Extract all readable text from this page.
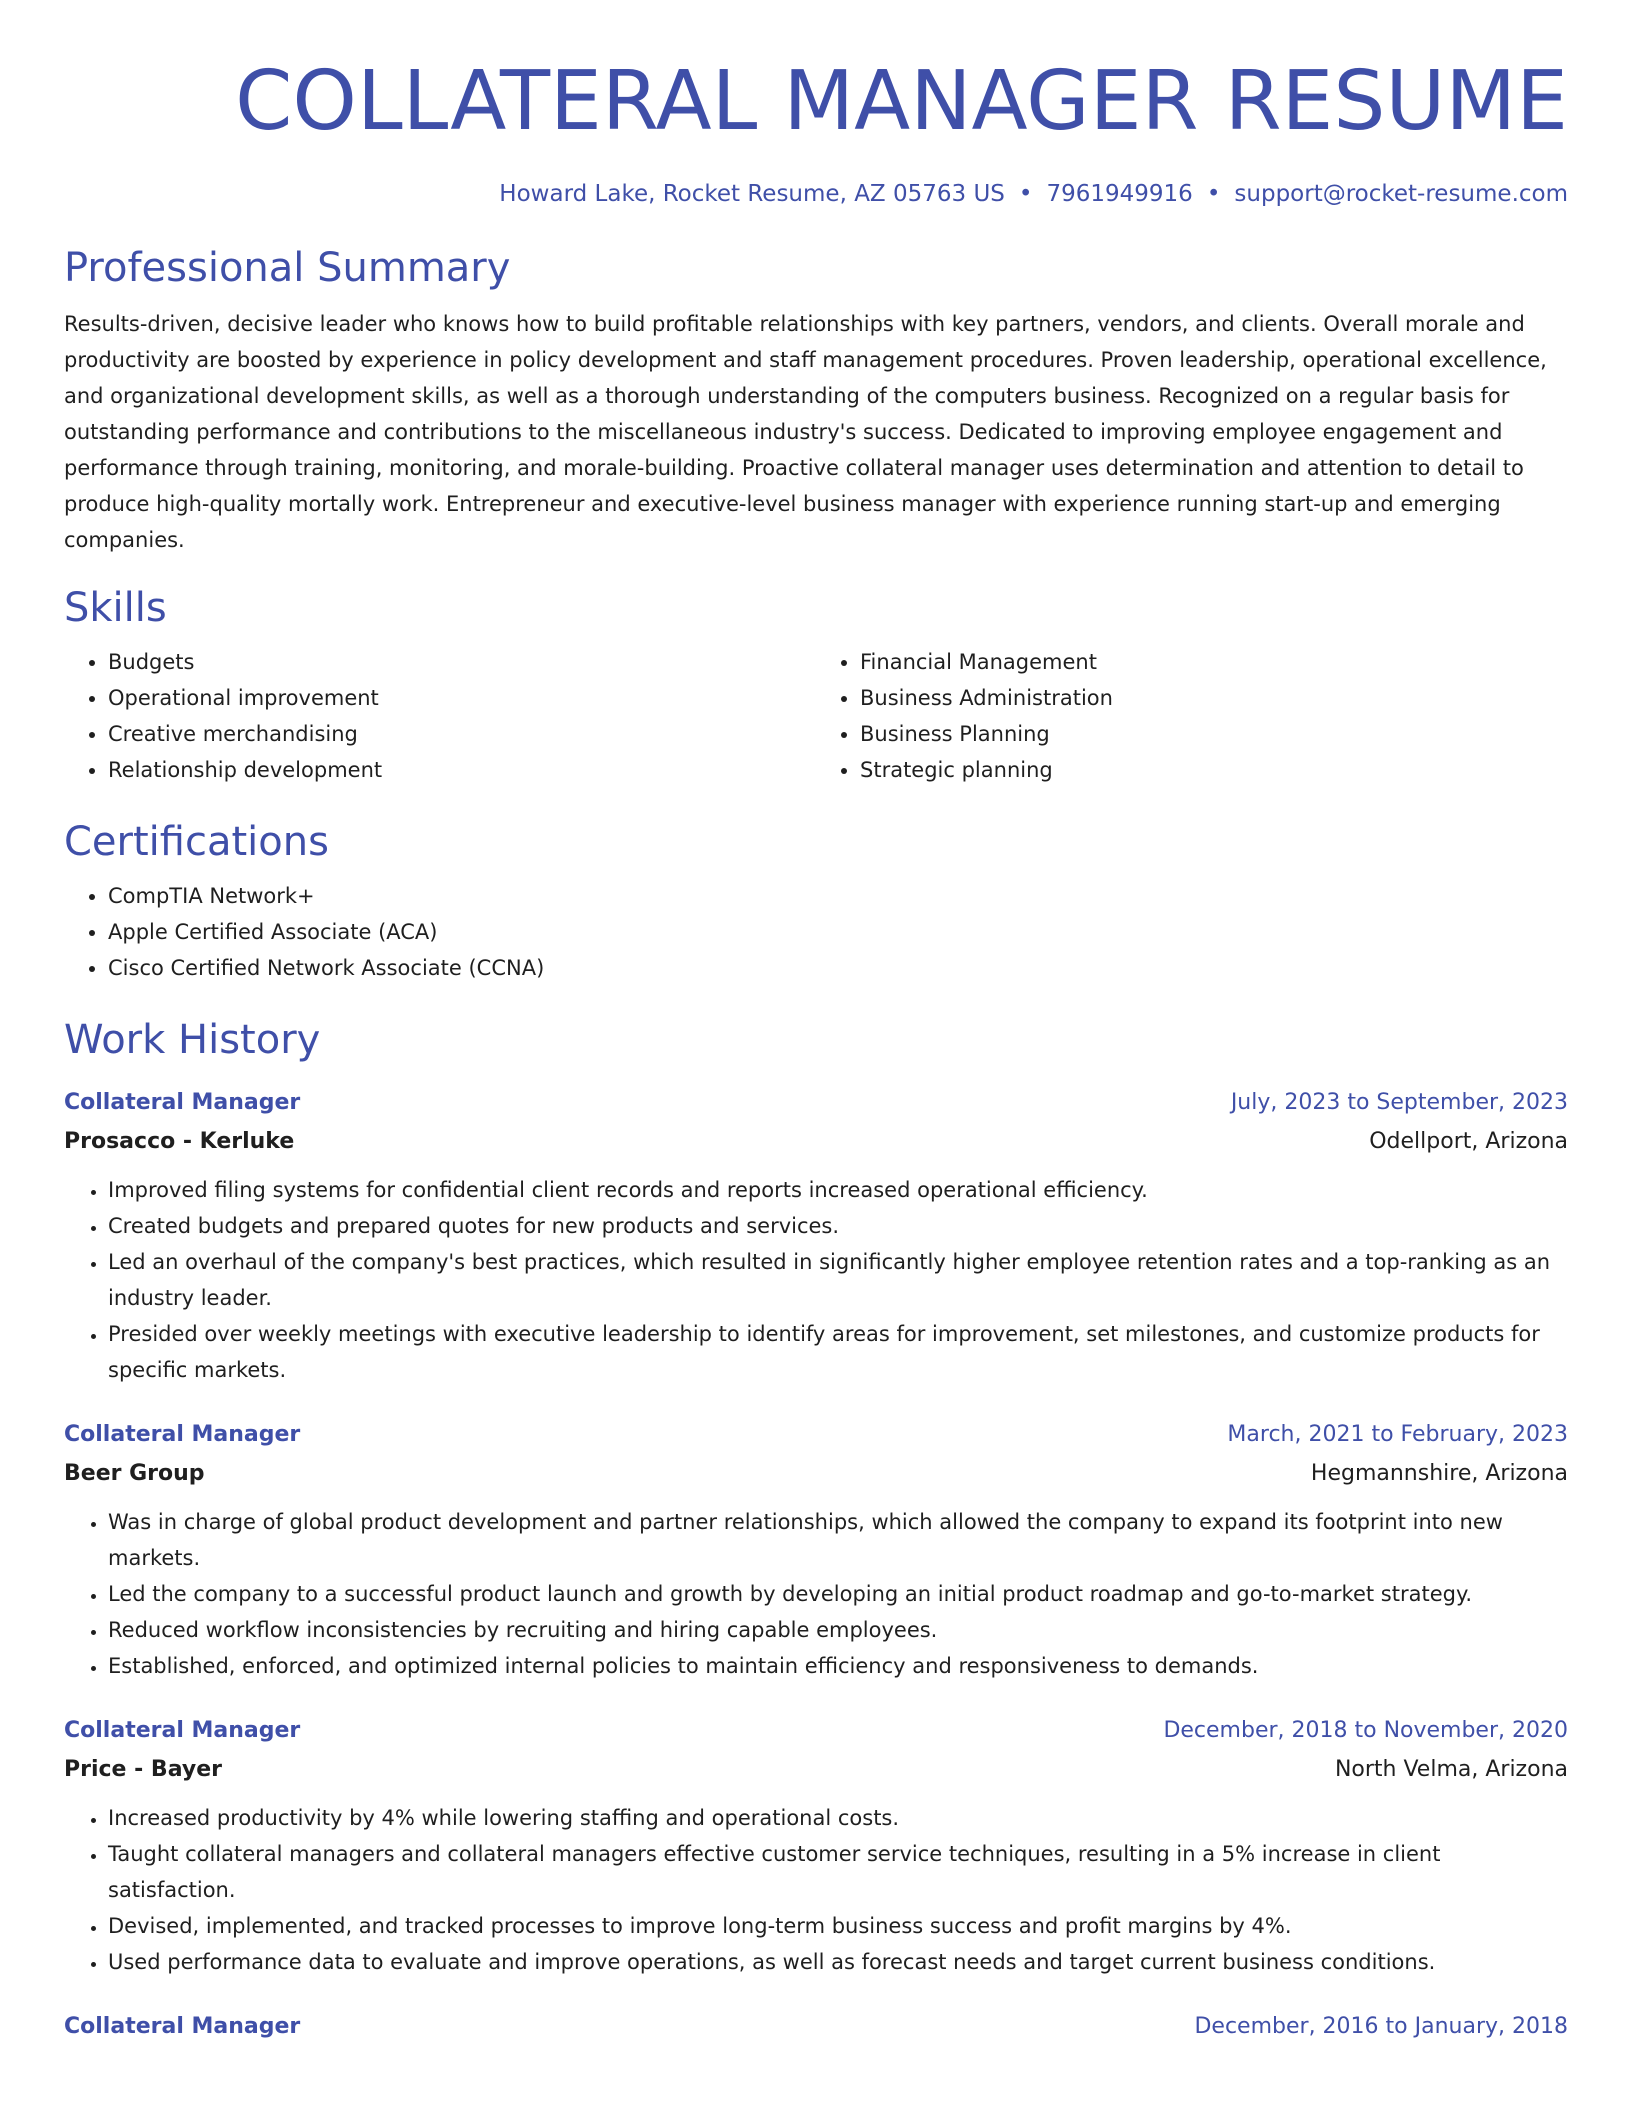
COLLATERAL MANAGER RESUME
Howard Lake, Rocket Resume, AZ 05763 US • 7961949916 • support@rocket-resume.com
Professional Summary
Results-driven, decisive leader who knows how to build profitable relationships with key partners, vendors, and clients. Overall morale and productivity are boosted by experience in policy development and staff management procedures. Proven leadership, operational excellence, and organizational development skills, as well as a thorough understanding of the computers business. Recognized on a regular basis for outstanding performance and contributions to the miscellaneous industry's success. Dedicated to improving employee engagement and performance through training, monitoring, and morale-building. Proactive collateral manager uses determination and attention to detail to produce high-quality mortally work. Entrepreneur and executive-level business manager with experience running start-up and emerging companies.
Skills
• Budgets
• Operational improvement
• Creative merchandising
• Relationship development
• Financial Management
• Business Administration
• Business Planning
• Strategic planning
Certifications
• CompTIA Network+
• Apple Certified Associate (ACA)
• Cisco Certified Network Associate (CCNA)
Work History
Collateral Manager	July, 2023 to September, 2023
Prosacco - Kerluke	Odellport, Arizona
• Improved filing systems for confidential client records and reports increased operational efficiency.
• Created budgets and prepared quotes for new products and services.
• Led an overhaul of the company's best practices, which resulted in significantly higher employee retention rates and a top-ranking as an industry leader.
• Presided over weekly meetings with executive leadership to identify areas for improvement, set milestones, and customize products for specific markets.
Collateral Manager	March, 2021 to February, 2023
Beer Group	Hegmannshire, Arizona
• Was in charge of global product development and partner relationships, which allowed the company to expand its footprint into new markets.
• Led the company to a successful product launch and growth by developing an initial product roadmap and go-to-market strategy.
• Reduced workflow inconsistencies by recruiting and hiring capable employees.
• Established, enforced, and optimized internal policies to maintain efficiency and responsiveness to demands.
Collateral Manager	December, 2018 to November, 2020
Price - Bayer	North Velma, Arizona
• Increased productivity by 4% while lowering staffing and operational costs.
• Taught collateral managers and collateral managers effective customer service techniques, resulting in a 5% increase in client satisfaction.
• Devised, implemented, and tracked processes to improve long-term business success and profit margins by 4%.
• Used performance data to evaluate and improve operations, as well as forecast needs and target current business conditions.
Collateral Manager	December, 2016 to January, 2018
